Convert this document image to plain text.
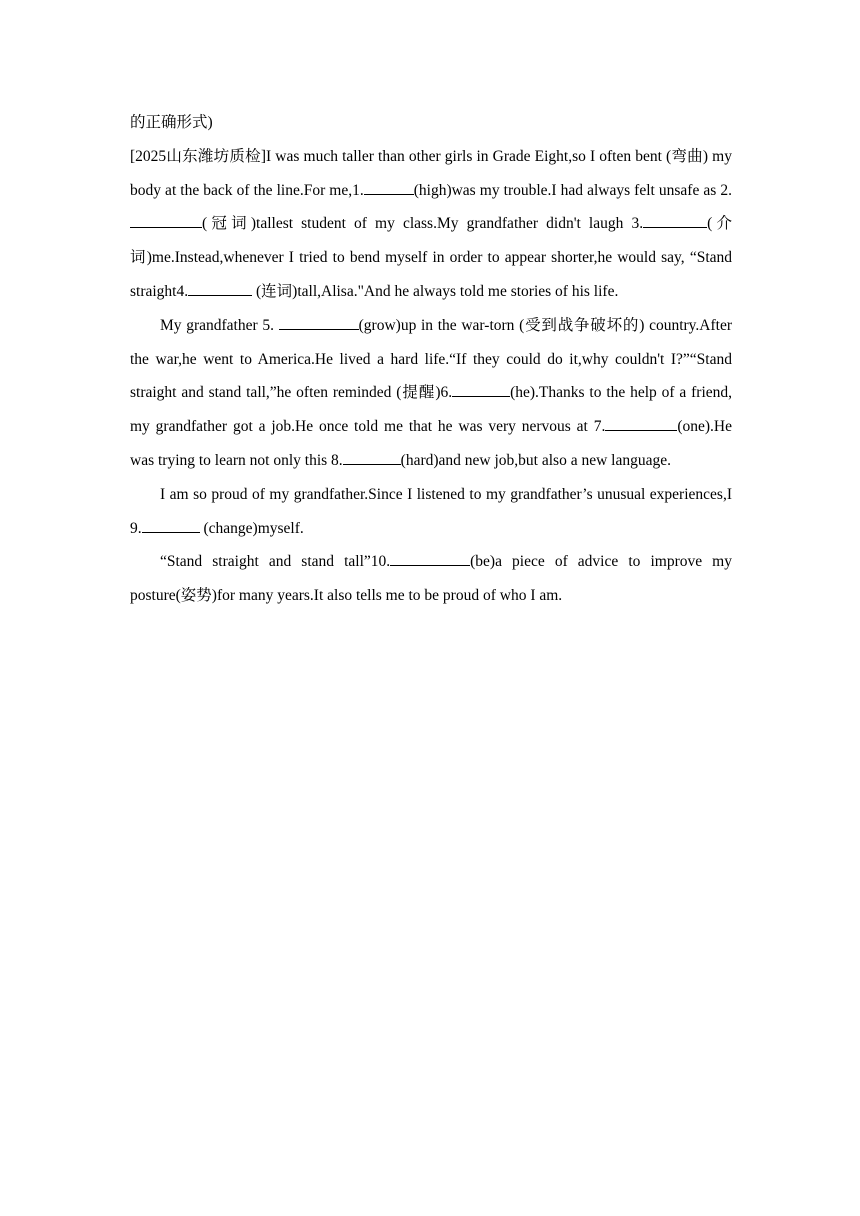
的正确形式)

[2025山东潍坊质检]I was much taller than other girls in Grade Eight,so I often bent (弯曲) my body at the back of the line.For me,1.	(high)was my trouble.I had always felt unsafe as 2.(冠词)tallest student of my class.My grandfather didn't laugh 3.	(介词)me.Instead,whenever I tried to bend myself in order to appear shorter,he would say, “Stand straight4.	(连词)tall,Alisa."And he always told me stories of his life.

My grandfather 5.	(grow)up in the war-torn (受到战争破坏的) country.After the war,he went to America.He lived a hard life.“If they could do it,why couldn't I?”“Stand straight and stand tall,”he often reminded (提醒)6.	(he).Thanks to the help of a friend, my grandfather got a job.He once told me that he was very nervous at 7.	(one).He was trying to learn not only this 8.	(hard)and new job,but also a new language.

I am so proud of my grandfather.Since I listened to my grandfather’s unusual experiences,I 9.	(change)myself.

“Stand straight and stand tall”10.	(be)a piece of advice to improve my posture(姿势)for many years.It also tells me to be proud of who I am.
